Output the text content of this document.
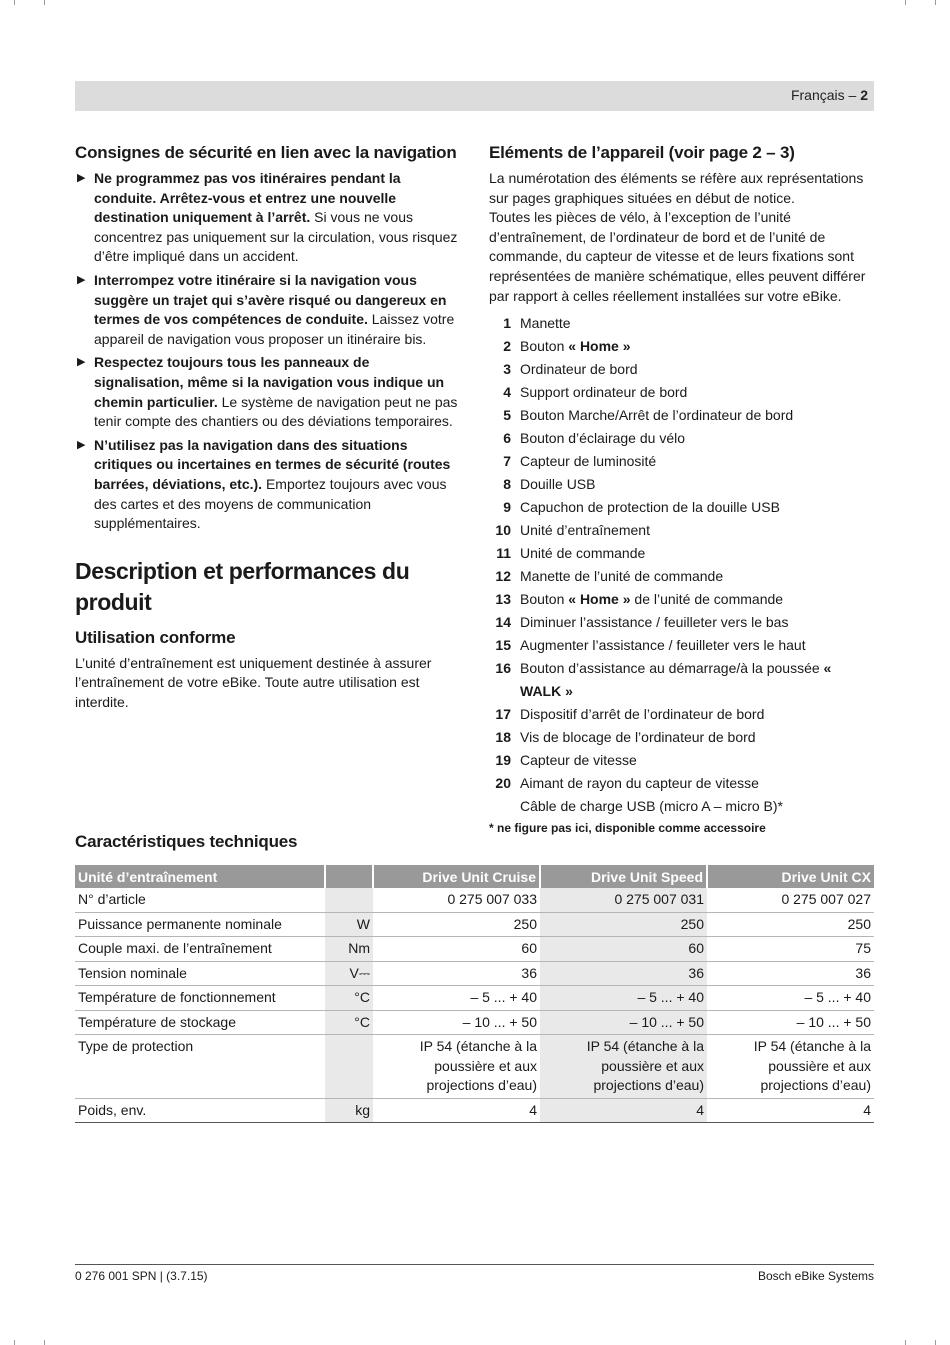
Français – 2
Consignes de sécurité en lien avec la navigation
▶ Ne programmez pas vos itinéraires pendant la conduite. Arrêtez-vous et entrez une nouvelle destination uniquement à l’arrêt. Si vous ne vous concentrez pas uniquement sur la circulation, vous risquez d’être impliqué dans un accident.
▶ Interrompez votre itinéraire si la navigation vous suggère un trajet qui s’avère risqué ou dangereux en termes de vos compétences de conduite. Laissez votre appareil de navigation vous proposer un itinéraire bis.
▶ Respectez toujours tous les panneaux de signalisation, même si la navigation vous indique un chemin particulier. Le système de navigation peut ne pas tenir compte des chantiers ou des déviations temporaires.
▶ N’utilisez pas la navigation dans des situations critiques ou incertaines en termes de sécurité (routes barrées, déviations, etc.). Emportez toujours avec vous des cartes et des moyens de communication supplémentaires.
Description et performances du produit
Utilisation conforme

L’unité d’entraînement est uniquement destinée à assurer l’entraînement de votre eBike. Toute autre utilisation est interdite.

Eléments de l’appareil (voir page 2 – 3)

La numérotation des éléments se réfère aux représentations sur pages graphiques situées en début de notice.

Toutes les pièces de vélo, à l’exception de l’unité d’entraînement, de l’ordinateur de bord et de l’unité de commande, du capteur de vitesse et de leurs fixations sont représentées de manière schématique, elles peuvent différer par rapport à celles réellement installées sur votre eBike.

1 Manette
2 Bouton « Home »
3 Ordinateur de bord
4 Support ordinateur de bord
5 Bouton Marche/Arrêt de l’ordinateur de bord
6 Bouton d’éclairage du vélo
7 Capteur de luminosité
8 Douille USB
9 Capuchon de protection de la douille USB
10 Unité d’entraînement
11 Unité de commande
12 Manette de l’unité de commande
13 Bouton « Home » de l’unité de commande
14 Diminuer l’assistance / feuilleter vers le bas
15 Augmenter l’assistance / feuilleter vers le haut
16 Bouton d’assistance au démarrage/à la poussée « WALK »
17 Dispositif d’arrêt de l’ordinateur de bord
18 Vis de blocage de l’ordinateur de bord
19 Capteur de vitesse
20 Aimant de rayon du capteur de vitesse
Câble de charge USB (micro A – micro B)*
* ne figure pas ici, disponible comme accessoire
Caractéristiques techniques
Unité d’entraînement		Drive Unit Cruise	Drive Unit Speed	Drive Unit CX
N° d’article		0 275 007 033	0 275 007 031	0 275 007 027
Puissance permanente nominale	W	250	250	250
Couple maxi. de l’entraînement	Nm	60	60	75
Tension nominale	V⎓	36	36	36
Température de fonctionnement	°C	– 5 ... + 40	– 5 ... + 40	– 5 ... + 40
Température de stockage	°C	– 10 ... + 50	– 10 ... + 50	– 10 ... + 50
Type de protection		IP 54 (étanche à la poussière et aux projections d’eau)	IP 54 (étanche à la poussière et aux projections d’eau)	IP 54 (étanche à la poussière et aux projections d’eau)
Poids, env.	kg	4	4	4
0 276 001 SPN | (3.7.15)	Bosch eBike Systems
